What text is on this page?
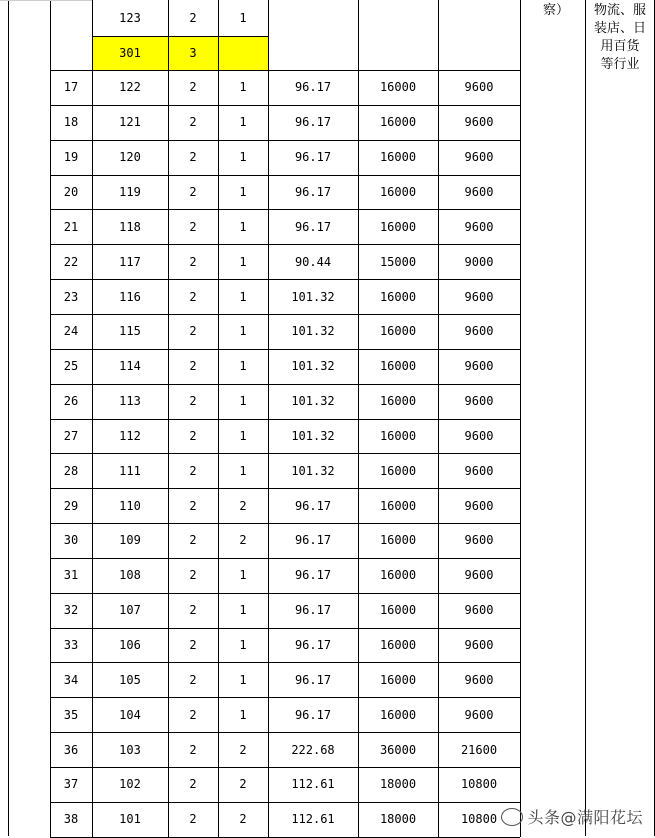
123	2	1
301	3
17	122	2	1	96.17	16000	9600
18	121	2	1	96.17	16000	9600
19	120	2	1	96.17	16000	9600
20	119	2	1	96.17	16000	9600
21	118	2	1	96.17	16000	9600
22	117	2	1	90.44	15000	9000
23	116	2	1	101.32	16000	9600
24	115	2	1	101.32	16000	9600
25	114	2	1	101.32	16000	9600
26	113	2	1	101.32	16000	9600
27	112	2	1	101.32	16000	9600
28	111	2	1	101.32	16000	9600
29	110	2	2	96.17	16000	9600
30	109	2	2	96.17	16000	9600
31	108	2	1	96.17	16000	9600
32	107	2	1	96.17	16000	9600
33	106	2	1	96.17	16000	9600
34	105	2	1	96.17	16000	9600
35	104	2	1	96.17	16000	9600
36	103	2	2	222.68	36000	21600
37	102	2	2	112.61	18000	10800
38	101	2	2	112.61	18000	10800
察）	物流、服
装店、日
用百货
等行业
头条@满阳花坛
